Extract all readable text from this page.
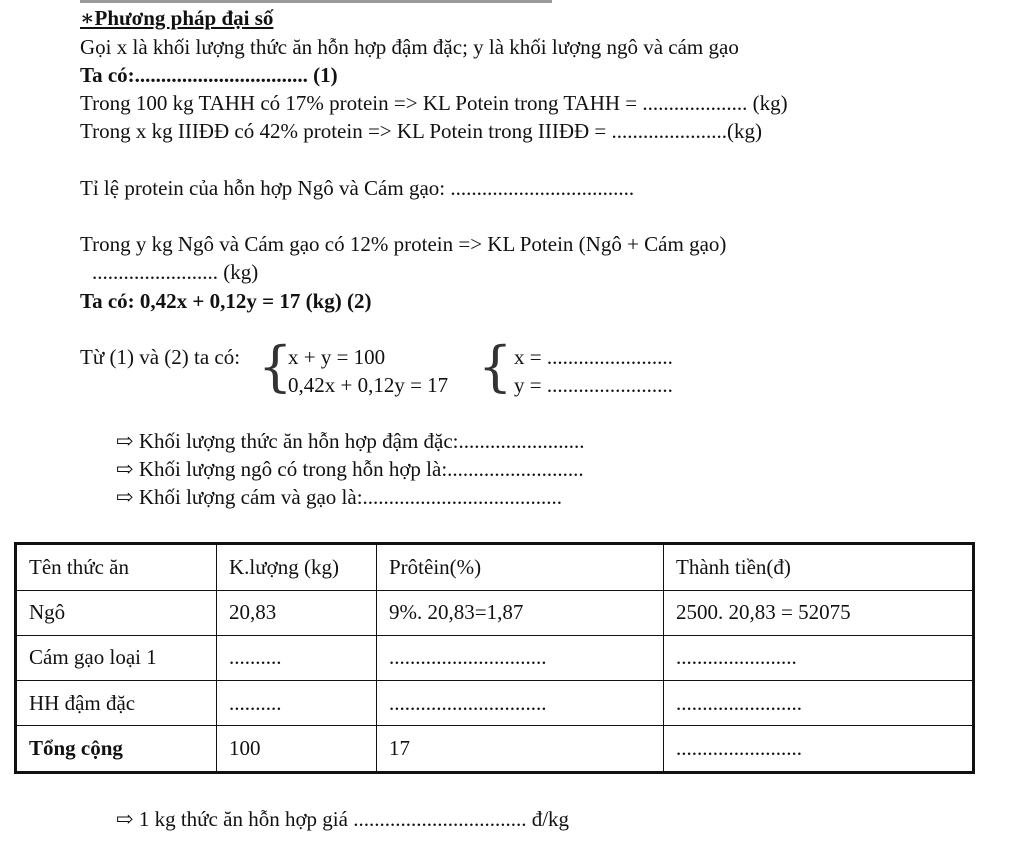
∗Phương pháp đại số
Gọi x là khối lượng thức ăn hỗn hợp đậm đặc; y là khối lượng ngô và cám gạo
Ta có:................................. (1)
Trong 100 kg TAHH có 17% protein => KL Potein trong TAHH = .................... (kg)
Trong x kg IIIĐĐ có 42% protein => KL Potein trong IIIĐĐ = ......................(kg)
Tỉ lệ protein của hỗn hợp Ngô và Cám gạo: ...................................
Trong y kg Ngô và Cám gạo có 12% protein => KL Potein (Ngô + Cám gạo)
........................ (kg)
Ta có: 0,42x + 0,12y = 17 (kg) (2)
Từ (1) và (2) ta có: {
x + y = 100
0,42x + 0,12y = 17 { x = ........................
y = ........................
⇨ Khối lượng thức ăn hỗn hợp đậm đặc:........................
⇨ Khối lượng ngô có trong hỗn hợp là:..........................
⇨ Khối lượng cám và gạo là:......................................
Tên thức ăn	K.lượng (kg)	Prôtêin(%)	Thành tiền(đ)
Ngô	20,83	9%. 20,83=1,87	2500. 20,83 = 52075
Cám gạo loại 1	..........	..............................	.......................
HH đậm đặc	..........	..............................	........................
Tổng cộng	100	17	........................
⇨ 1 kg thức ăn hỗn hợp giá ................................. đ/kg
